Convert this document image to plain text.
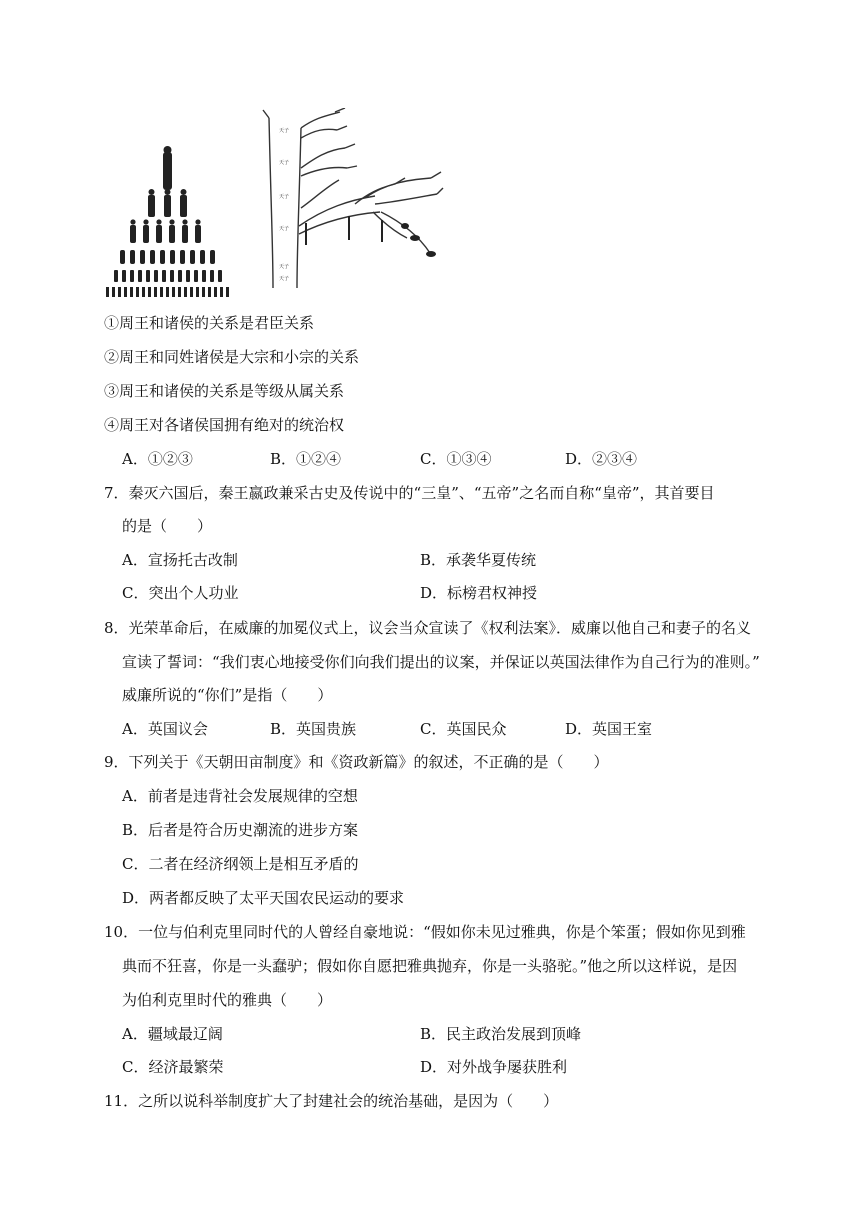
天子
天子
天子
天子
天子
天子
①周王和诸侯的关系是君臣关系
②周王和同姓诸侯是大宗和小宗的关系
③周王和诸侯的关系是等级从属关系
④周王对各诸侯国拥有绝对的统治权
A．①②③	B．①②④	C．①③④	D．②③④
7．秦灭六国后，秦王嬴政兼采古史及传说中的“三皇”、“五帝”之名而自称“皇帝”，其首要目
的是（　　）
A．宣扬托古改制	B．承袭华夏传统
C．突出个人功业	D．标榜君权神授
8．光荣革命后，在威廉的加冕仪式上，议会当众宣读了《权利法案》．威廉以他自己和妻子的名义
宣读了誓词：“我们衷心地接受你们向我们提出的议案，并保证以英国法律作为自己行为的准则。”
威廉所说的“你们”是指（　　）
A．英国议会	B．英国贵族	C．英国民众	D．英国王室
9．下列关于《天朝田亩制度》和《资政新篇》的叙述，不正确的是（　　）
A．前者是违背社会发展规律的空想
B．后者是符合历史潮流的进步方案
C．二者在经济纲领上是相互矛盾的
D．两者都反映了太平天国农民运动的要求
10．一位与伯利克里同时代的人曾经自豪地说：“假如你未见过雅典，你是个笨蛋；假如你见到雅
典而不狂喜，你是一头蠢驴；假如你自愿把雅典抛弃，你是一头骆驼。”他之所以这样说，是因
为伯利克里时代的雅典（　　）
A．疆域最辽阔	B．民主政治发展到顶峰
C．经济最繁荣	D．对外战争屡获胜利
11．之所以说科举制度扩大了封建社会的统治基础，是因为（　　）
